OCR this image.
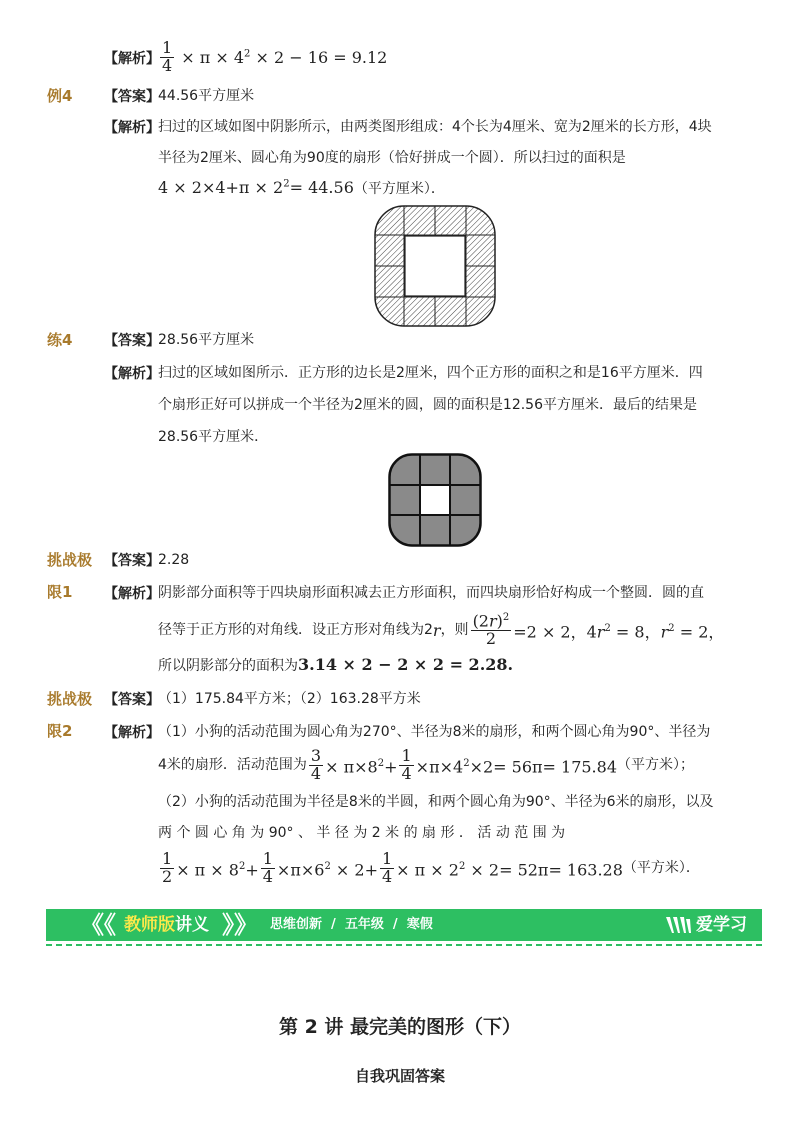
【解析】 $\frac{1}{4} \times \pi \times 4^2 \times 2 - 16 = 9.12$
例4 【答案】
44.56平方厘米
【解析】
扫过的区域如图中阴影所示，由两类图形组成：4个长为4厘米、宽为2厘米的长方形，4块
半径为2厘米、圆心角为90度的扇形（恰好拼成一个圆）．所以扫过的面积是
$4 \times 2\times 4+\pi \times 2^2= 44.56$（平方厘米）．
练4 【答案】
28.56平方厘米
【解析】
扫过的区域如图所示．正方形的边长是2厘米，四个正方形的面积之和是16平方厘米．四
个扇形正好可以拼成一个半径为2厘米的圆，圆的面积是12.56平方厘米．最后的结果是
28.56平方厘米．
挑战极 【答案】
2.28
限1 【解析】
阴影部分面积等于四块扇形面积减去正方形面积，而四块扇形恰好构成一个整圆．圆的直
径等于正方形的对角线．设正方形对角线为2 r ，则 $\frac{(2r)^2}{2} =2 \times 2$，$4r^2 = 8$，$r^2 = 2$，
所以阴影部分的面积为3.14 × 2 − 2 × 2 = 2.28.
挑战极 【答案】
（1）175.84平方米；（2）163.28平方米
限2 【解析】
（1）小狗的活动范围为圆心角为270°、半径为8米的扇形，和两个圆心角为90°、半径为
4米的扇形．活动范围为 $\frac{3}{4} \times \pi\times 8^2+ \frac{1}{4} \times\pi\times 4^2\times 2= 56\pi= 175.84$ （平方米）；
（2）小狗的活动范围为半径是8米的半圆，和两个圆心角为90°、半径为6米的扇形，以及
两 个 圆 心 角 为 90° 、 半 径 为 2 米 的 扇 形 ． 活 动 范 围 为
$\frac{1}{2} \times \pi \times 8^2+ \frac{1}{4} \times\pi\times 6^2 \times 2+ \frac{1}{4} \times \pi \times 2^2 \times 2= 52\pi= 163.28$ （平方米）．
《《 教师版讲义 》》 思维创新  /  五年级  /  寒假	爱学习
第 2 讲 最完美的图形（下）
自我巩固答案
